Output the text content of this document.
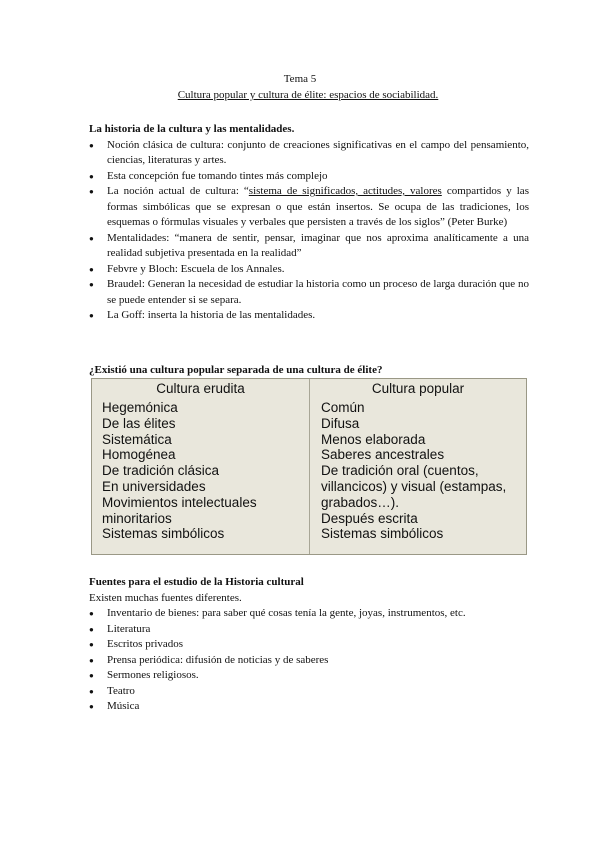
Tema 5
Cultura popular y cultura de élite: espacios de sociabilidad.
La historia de la cultura y las mentalidades.
● Noción clásica de cultura: conjunto de creaciones significativas en el campo del pensamiento, ciencias, literaturas y artes.
● Esta concepción fue tomando tintes más complejo
● La noción actual de cultura: “sistema de significados, actitudes, valores compartidos y las formas simbólicas que se expresan o que están insertos. Se ocupa de las tradiciones, los esquemas o fórmulas visuales y verbales que persisten a través de los siglos” (Peter Burke)
● Mentalidades: “manera de sentir, pensar, imaginar que nos aproxima analíticamente a una realidad subjetiva presentada en la realidad”
● Febvre y Bloch: Escuela de los Annales.
● Braudel: Generan la necesidad de estudiar la historia como un proceso de larga duración que no se puede entender si se separa.
● La Goff: inserta la historia de las mentalidades.
¿Existió una cultura popular separada de una cultura de élite?
Cultura erudita
Hegemónica
De las élites
Sistemática
Homogénea
De tradición clásica
En universidades
Movimientos intelectuales
minoritarios
Sistemas simbólicos
Cultura popular
Común
Difusa
Menos elaborada
Saberes ancestrales
De tradición oral (cuentos,
villancicos) y visual (estampas,
grabados…).
Después escrita
Sistemas simbólicos
Fuentes para el estudio de la Historia cultural
Existen muchas fuentes diferentes.
● Inventario de bienes: para saber qué cosas tenía la gente, joyas, instrumentos, etc.
● Literatura
● Escritos privados
● Prensa periódica: difusión de noticias y de saberes
● Sermones religiosos.
● Teatro
● Música
